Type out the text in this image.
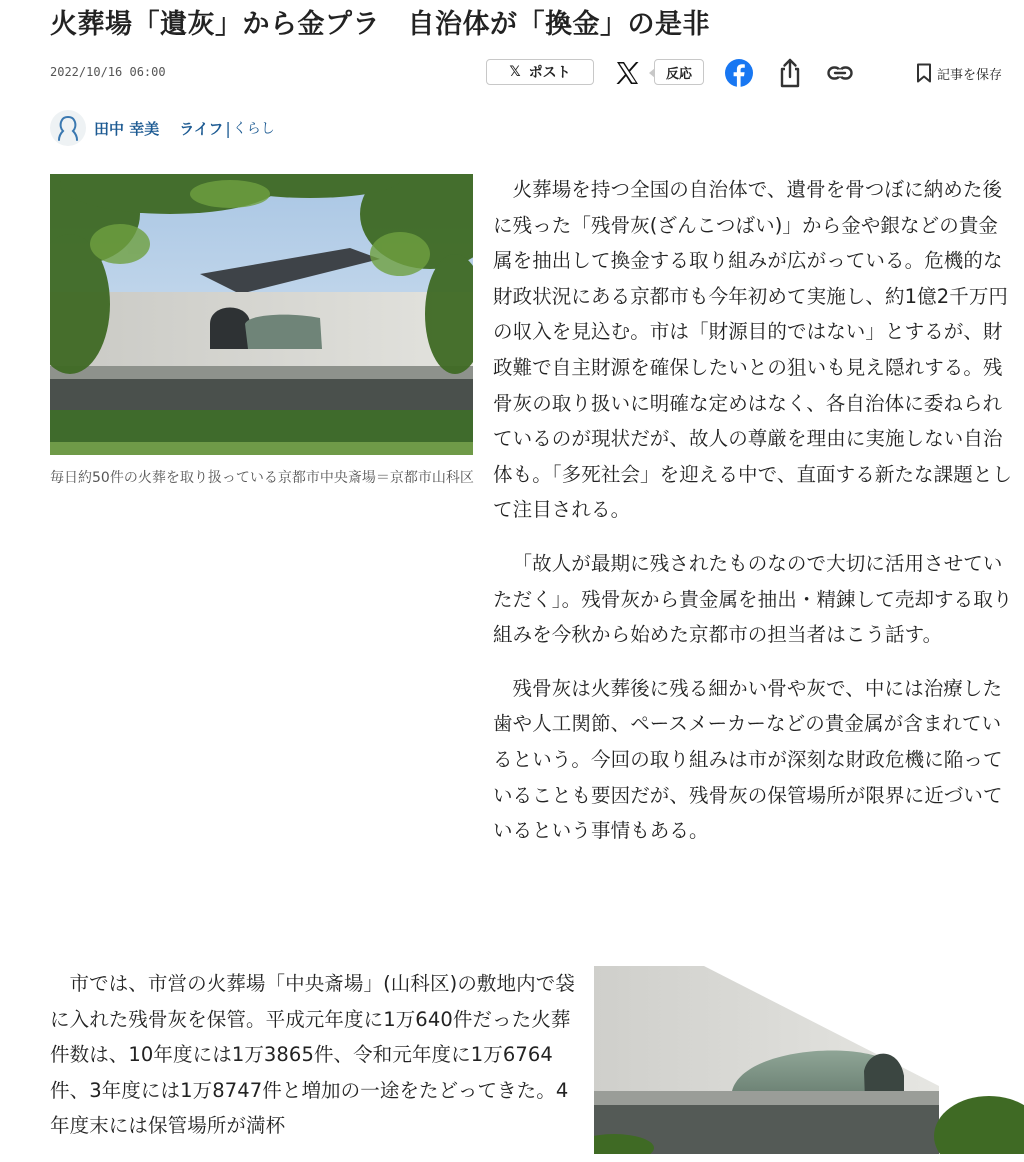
火葬場「遺灰」から金プラ　自治体が「換金」の是非
2022/10/16 06:00	𝕏 ポスト	反応	記事を保存
田中 幸美 ライフ | くらし

毎日約50件の火葬を取り扱っている京都市中央斎場＝京都市山科区

火葬場を持つ全国の自治体で、遺骨を骨つぼに納めた後に残った「残骨灰(ざんこつばい)」から金や銀などの貴金属を抽出して換金する取り組みが広がっている。危機的な財政状況にある京都市も今年初めて実施し、約1億2千万円の収入を見込む。市は「財源目的ではない」とするが、財政難で自主財源を確保したいとの狙いも見え隠れする。残骨灰の取り扱いに明確な定めはなく、各自治体に委ねられているのが現状だが、故人の尊厳を理由に実施しない自治体も。「多死社会」を迎える中で、直面する新たな課題として注目される。

「故人が最期に残されたものなので大切に活用させていただく」。残骨灰から貴金属を抽出・精錬して売却する取り組みを今秋から始めた京都市の担当者はこう話す。

残骨灰は火葬後に残る細かい骨や灰で、中には治療した歯や人工関節、ペースメーカーなどの貴金属が含まれているという。今回の取り組みは市が深刻な財政危機に陥っていることも要因だが、残骨灰の保管場所が限界に近づいているという事情もある。

市では、市営の火葬場「中央斎場」(山科区)の敷地内で袋に入れた残骨灰を保管。平成元年度に1万640件だった火葬件数は、10年度には1万3865件、令和元年度に1万6764件、3年度には1万8747件と増加の一途をたどってきた。4年度末には保管場所が満杯
